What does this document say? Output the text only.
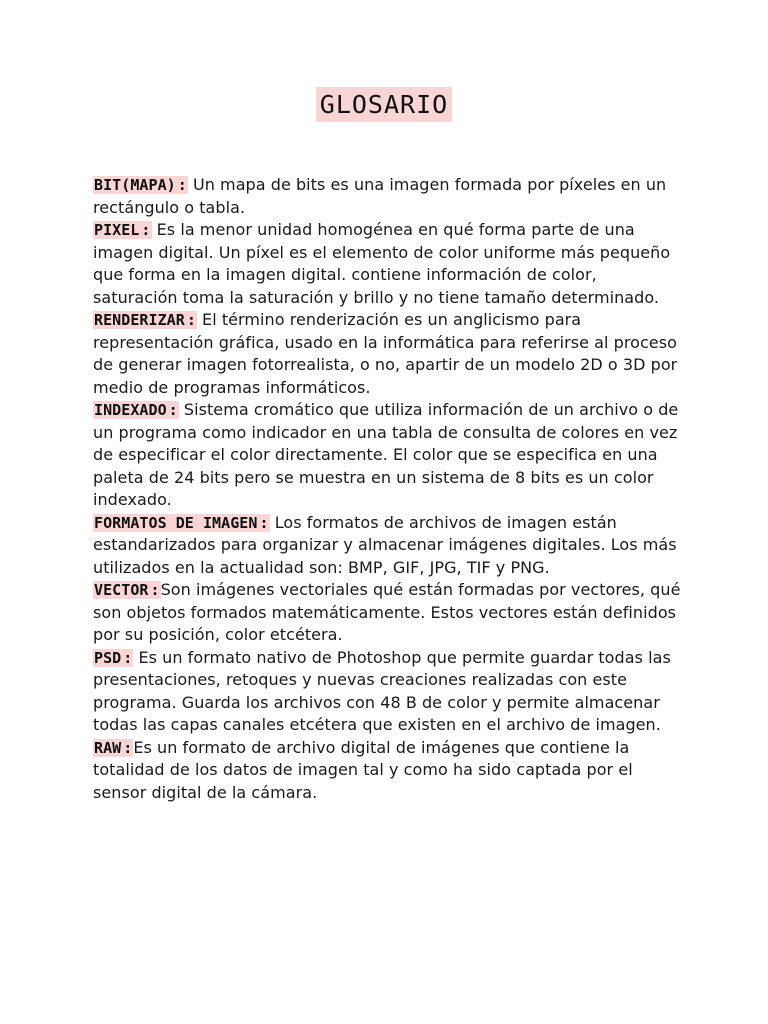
GLOSARIO

BIT(MAPA) : Un mapa de bits es una imagen formada por píxeles en un rectángulo o tabla.

PIXEL : Es la menor unidad homogénea en qué forma parte de una imagen digital. Un píxel es el elemento de color uniforme más pequeño que forma en la imagen digital. contiene información de color, saturación toma la saturación y brillo y no tiene tamaño determinado.

RENDERIZAR : El término renderización es un anglicismo para representación gráfica, usado en la informática para referirse al proceso de generar imagen fotorrealista, o no, apartir de un modelo 2D o 3D por medio de programas informáticos.

INDEXADO : Sistema cromático que utiliza información de un archivo o de un programa como indicador en una tabla de consulta de colores en vez de especificar el color directamente. El color que se especifica en una paleta de 24 bits pero se muestra en un sistema de 8 bits es un color indexado.

FORMATOS DE IMAGEN : Los formatos de archivos de imagen están estandarizados para organizar y almacenar imágenes digitales. Los más utilizados en la actualidad son: BMP, GIF, JPG, TIF y PNG.

VECTOR :Son imágenes vectoriales qué están formadas por vectores, qué son objetos formados matemáticamente. Estos vectores están definidos por su posición, color etcétera.

PSD : Es un formato nativo de Photoshop que permite guardar todas las presentaciones, retoques y nuevas creaciones realizadas con este programa. Guarda los archivos con 48 B de color y permite almacenar todas las capas canales etcétera que existen en el archivo de imagen.

RAW :Es un formato de archivo digital de imágenes que contiene la totalidad de los datos de imagen tal y como ha sido captada por el sensor digital de la cámara.
